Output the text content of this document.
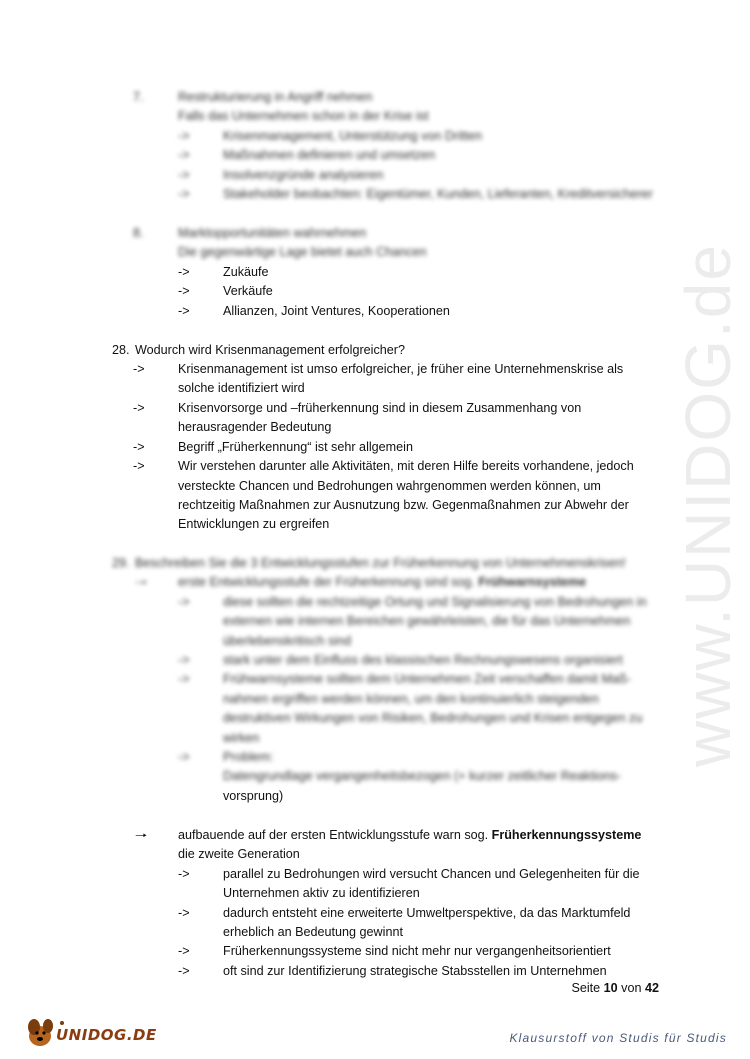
www.UNIDOG.de
7.	Restrukturierung in Angriff nehmen
Falls das Unternehmen schon in der Krise ist
->	Krisenmanagement, Unterstützung von Dritten
->	Maßnahmen definieren und umsetzen
->	Insolvenzgründe analysieren
->	Stakeholder beobachten: Eigentümer, Kunden, Lieferanten, Kreditversicherer
8.	Marktopportunitäten wahrnehmen
Die gegenwärtige Lage bietet auch Chancen
->	Zukäufe
->	Verkäufe
->	Allianzen, Joint Ventures, Kooperationen
28. Wodurch wird Krisenmanagement erfolgreicher?
->	Krisenmanagement ist umso erfolgreicher, je früher eine Unternehmenskrise als
solche identifiziert wird
->	Krisenvorsorge und –früherkennung sind in diesem Zusammenhang von
herausragender Bedeutung
->	Begriff „Früherkennung“ ist sehr allgemein
->	Wir verstehen darunter alle Aktivitäten, mit deren Hilfe bereits vorhandene, jedoch
versteckte Chancen und Bedrohungen wahrgenommen werden können, um
rechtzeitig Maßnahmen zur Ausnutzung bzw. Gegenmaßnahmen zur Abwehr der
Entwicklungen zu ergreifen
29. Beschreiben Sie die 3 Entwicklungsstufen zur Früherkennung von Unternehmenskrisen!
🠒 erste Entwicklungsstufe der Früherkennung sind sog. Frühwarnsysteme
->	diese sollten die rechtzeitige Ortung und Signalisierung von Bedrohungen in
externen wie internen Bereichen gewährleisten, die für das Unternehmen
überlebenskritisch sind
->	stark unter dem Einfluss des klassischen Rechnungswesens organisiert
->	Frühwarnsysteme sollten dem Unternehmen Zeit verschaffen damit Maß-
nahmen ergriffen werden können, um den kontinuierlich steigenden
destruktiven Wirkungen von Risiken, Bedrohungen und Krisen entgegen zu
wirken
->	Problem:
Datengrundlage vergangenheitsbezogen (+ kurzer zeitlicher Reaktions-
vorsprung)
🠒 aufbauende auf der ersten Entwicklungsstufe warn sog. Früherkennungssysteme
die zweite Generation
->	parallel zu Bedrohungen wird versucht Chancen und Gelegenheiten für die
Unternehmen aktiv zu identifizieren
->	dadurch entsteht eine erweiterte Umweltperspektive, da das Marktumfeld
erheblich an Bedeutung gewinnt
->	Früherkennungssysteme sind nicht mehr nur vergangenheitsorientiert
->	oft sind zur Identifizierung strategische Stabsstellen im Unternehmen
Seite 10 von 42
UNIDOG.DE	Klausurstoff von Studis für Studis
